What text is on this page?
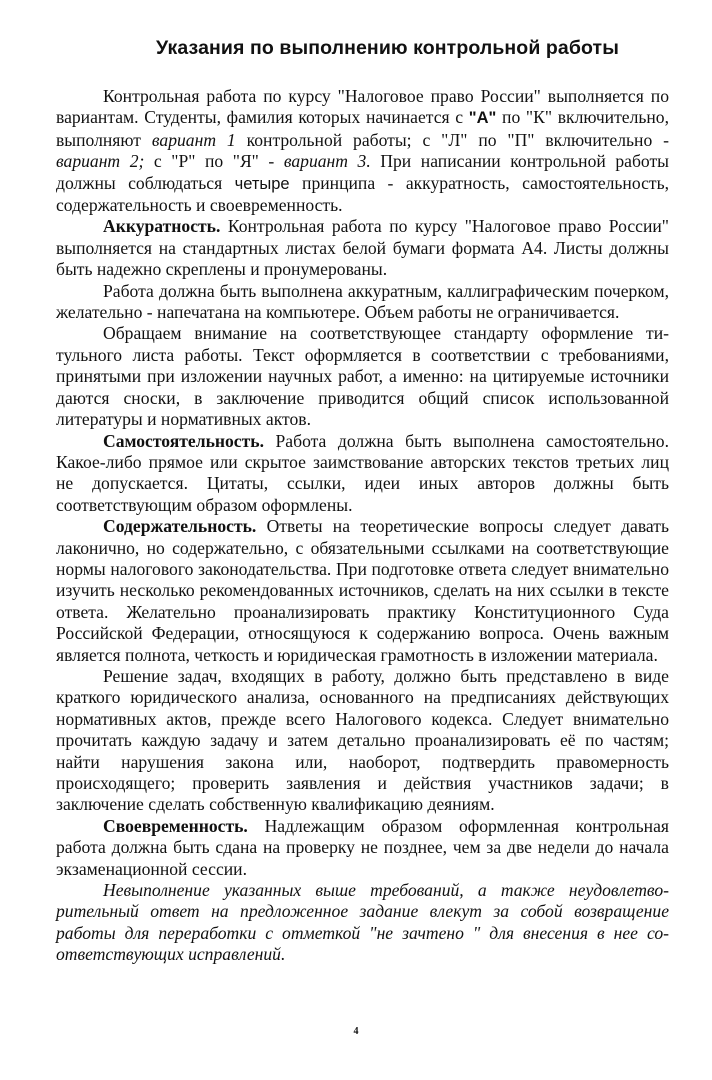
Указания по выполнению контрольной работы

Контрольная работа по курсу "Налоговое право России" выполняется по вариантам. Студенты, фамилия которых начинается с "А" по "К" включительно, выполняют вариант 1 контрольной работы; с "Л" по "П" включительно - вариант 2; с "Р" по "Я" - вариант 3. При написании контрольной работы должны соблюдаться четыре принципа - аккуратность, самостоятельность, содержательность и своевременность.

Аккуратность. Контрольная работа по курсу "Налоговое право России" выполняется на стандартных листах белой бумаги формата А4. Листы должны быть надежно скреплены и пронумерованы.

Работа должна быть выполнена аккуратным, каллиграфическим почерком, желательно - напечатана на компьютере. Объем работы не ограничивается.

Обращаем внимание на соответствующее стандарту оформление титульного листа работы. Текст оформляется в соответствии с требованиями, принятыми при изложении научных работ, а именно: на цитируемые источники даются сноски, в заключение приводится общий список использованной литературы и нормативных актов.

Самостоятельность. Работа должна быть выполнена самостоятельно. Какое-либо прямое или скрытое заимствование авторских текстов третьих лиц не допускается. Цитаты, ссылки, идеи иных авторов должны быть соответствующим образом оформлены.

Содержательность. Ответы на теоретические вопросы следует давать лаконично, но содержательно, с обязательными ссылками на соответствующие нормы налогового законодательства. При подготовке ответа следует внимательно изучить несколько рекомендованных источников, сделать на них ссылки в тексте ответа. Желательно проанализировать практику Конституционного Суда Российской Федерации, относящуюся к содержанию вопроса. Очень важным является полнота, четкость и юридическая грамотность в изложении материала.

Решение задач, входящих в работу, должно быть представлено в виде краткого юридического анализа, основанного на предписаниях действующих нормативных актов, прежде всего Налогового кодекса. Следует внимательно прочитать каждую задачу и затем детально проанализировать её по частям; найти нарушения закона или, наоборот, подтвердить правомерность происходящего; проверить заявления и действия участников задачи; в заключение сделать собственную квалификацию деяниям.

Своевременность. Надлежащим образом оформленная контрольная работа должна быть сдана на проверку не позднее, чем за две недели до начала экзаменационной сессии.

Невыполнение указанных выше требований, а также неудовлетворительный ответ на предложенное задание влекут за собой возвращение работы для переработки с отметкой "не зачтено " для внесения в нее соответствующих исправлений.

4
